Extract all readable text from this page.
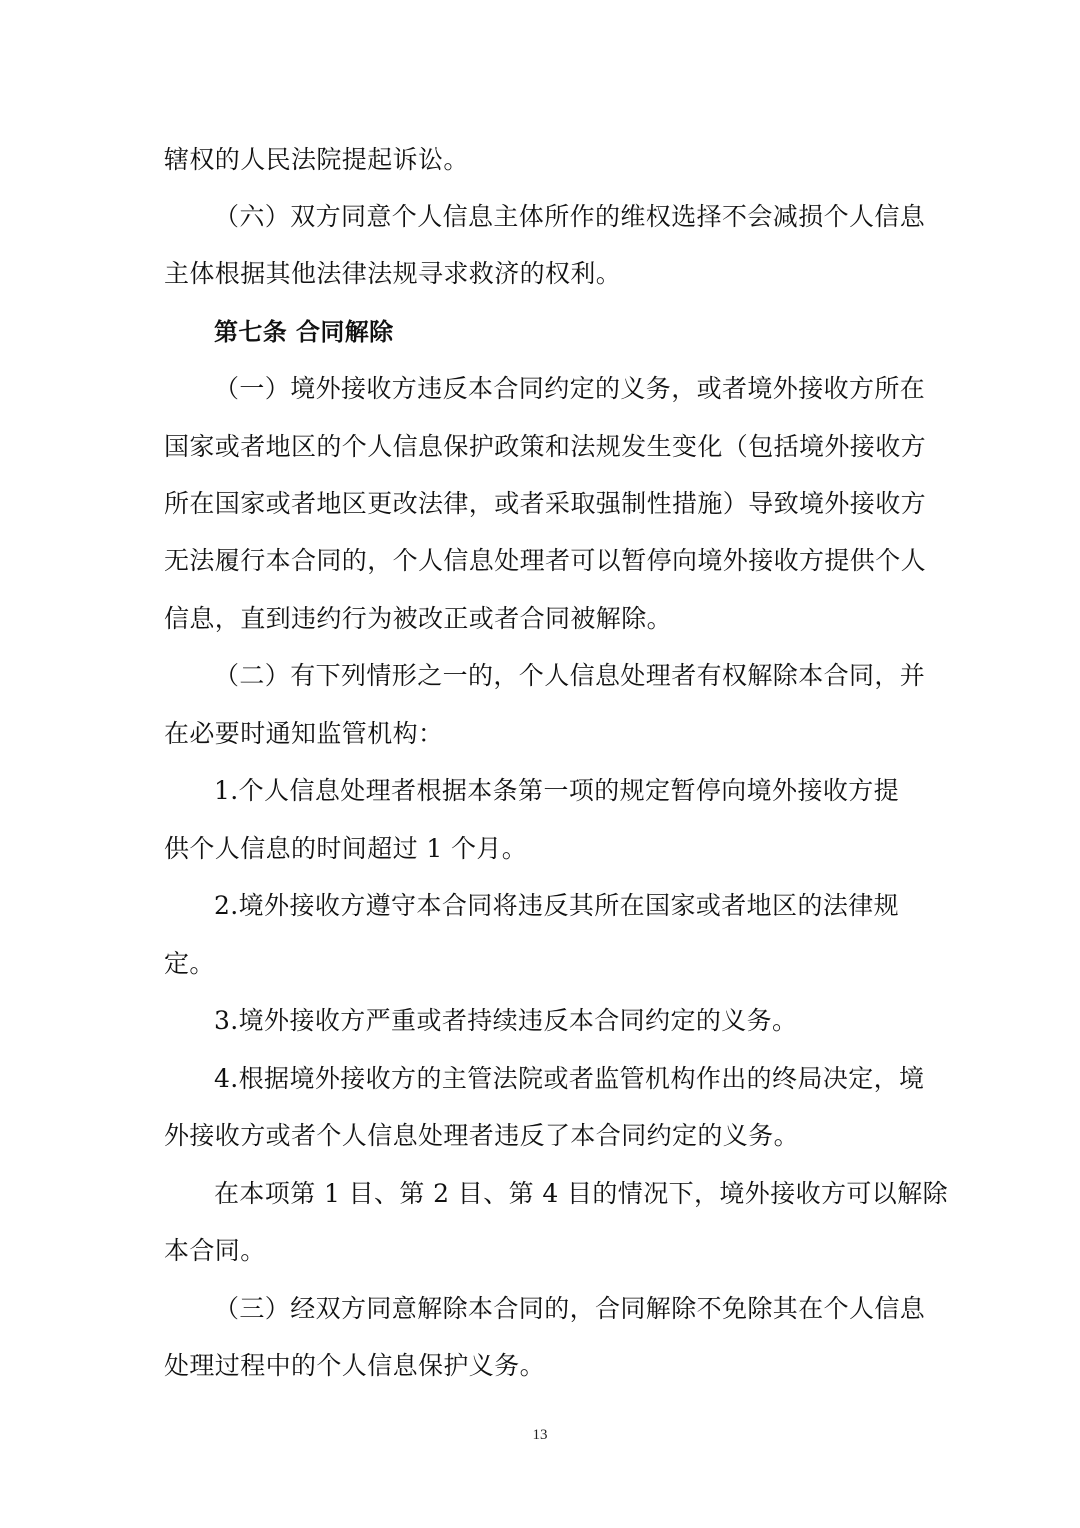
辖权的人民法院提起诉讼。
（六）双方同意个人信息主体所作的维权选择不会减损个人信息
主体根据其他法律法规寻求救济的权利。
第七条 合同解除
（一）境外接收方违反本合同约定的义务，或者境外接收方所在
国家或者地区的个人信息保护政策和法规发生变化（包括境外接收方
所在国家或者地区更改法律，或者采取强制性措施）导致境外接收方
无法履行本合同的，个人信息处理者可以暂停向境外接收方提供个人
信息，直到违约行为被改正或者合同被解除。
（二）有下列情形之一的，个人信息处理者有权解除本合同，并
在必要时通知监管机构：
1.个人信息处理者根据本条第一项的规定暂停向境外接收方提
供个人信息的时间超过 1 个月。
2.境外接收方遵守本合同将违反其所在国家或者地区的法律规
定。
3.境外接收方严重或者持续违反本合同约定的义务。
4.根据境外接收方的主管法院或者监管机构作出的终局决定，境
外接收方或者个人信息处理者违反了本合同约定的义务。
在本项第 1 目、第 2 目、第 4 目的情况下，境外接收方可以解除
本合同。
（三）经双方同意解除本合同的，合同解除不免除其在个人信息
处理过程中的个人信息保护义务。
13
